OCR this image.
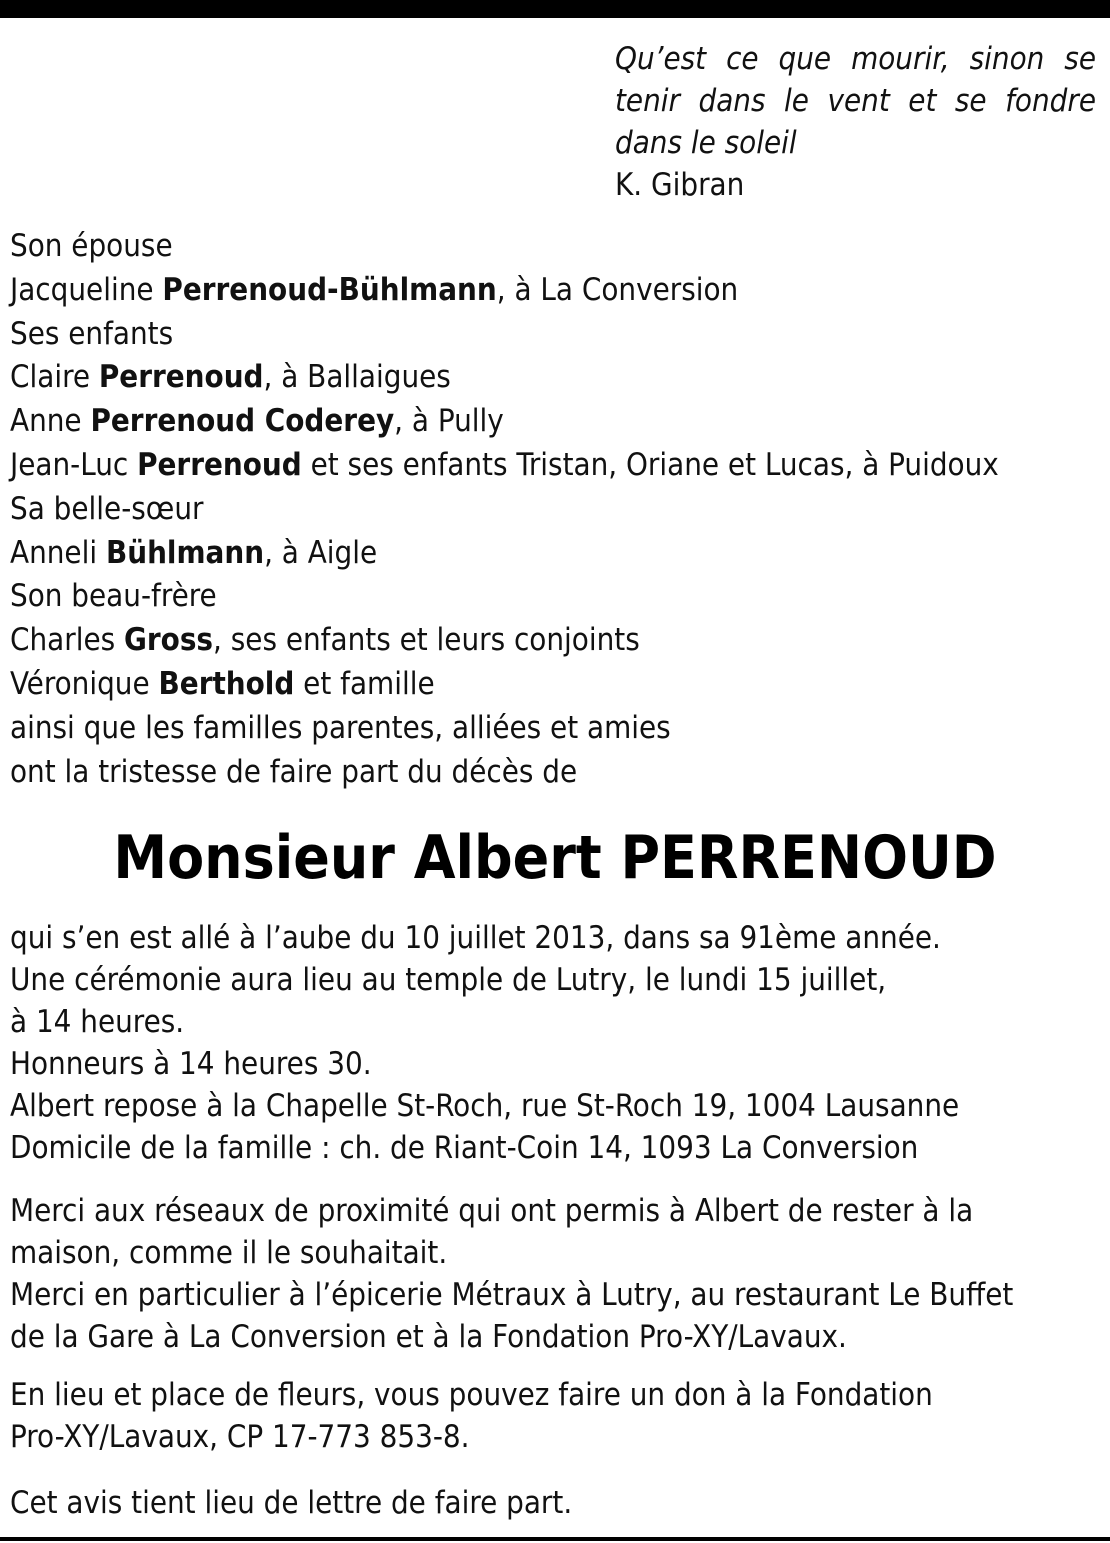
Qu’est ce que mourir, sinon se
tenir dans le vent et se fondre
dans le soleil
K. Gibran
Son épouse
Jacqueline Perrenoud-Bühlmann, à La Conversion
Ses enfants
Claire Perrenoud, à Ballaigues
Anne Perrenoud Coderey, à Pully
Jean-Luc Perrenoud et ses enfants Tristan, Oriane et Lucas, à Puidoux
Sa belle-sœur
Anneli Bühlmann, à Aigle
Son beau-frère
Charles Gross, ses enfants et leurs conjoints
Véronique Berthold et famille
ainsi que les familles parentes, alliées et amies
ont la tristesse de faire part du décès de
Monsieur Albert PERRENOUD
qui s’en est allé à l’aube du 10 juillet 2013, dans sa 91ème année.
Une cérémonie aura lieu au temple de Lutry, le lundi 15 juillet,
à 14 heures.
Honneurs à 14 heures 30.
Albert repose à la Chapelle St-Roch, rue St-Roch 19, 1004 Lausanne
Domicile de la famille : ch. de Riant-Coin 14, 1093 La Conversion
Merci aux réseaux de proximité qui ont permis à Albert de rester à la
maison, comme il le souhaitait.
Merci en particulier à l’épicerie Métraux à Lutry, au restaurant Le Buffet
de la Gare à La Conversion et à la Fondation Pro-XY/Lavaux.
En lieu et place de fleurs, vous pouvez faire un don à la Fondation
Pro-XY/Lavaux, CP 17-773 853-8.
Cet avis tient lieu de lettre de faire part.
